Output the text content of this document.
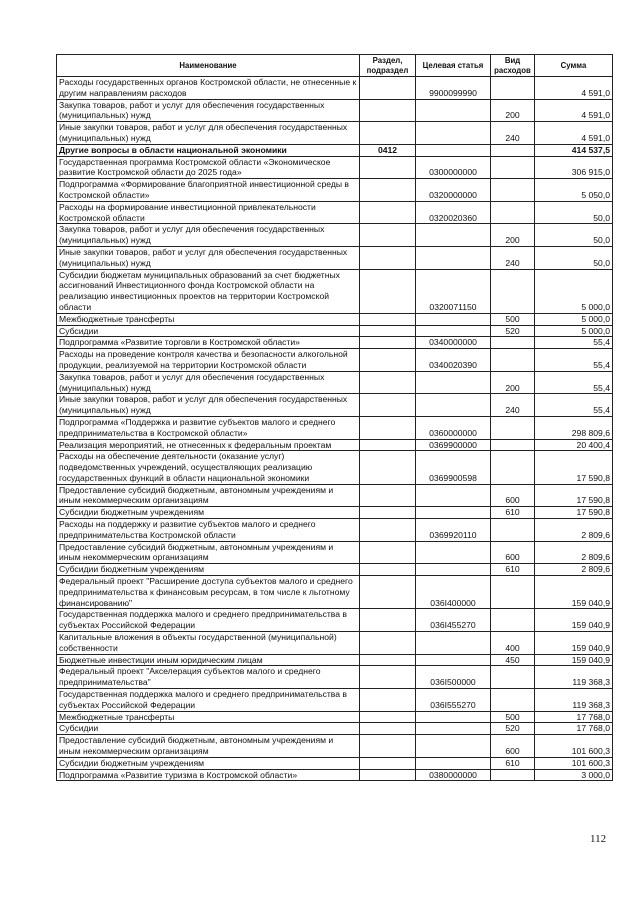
Наименование	Раздел, подраздел	Целевая статья	Вид расходов	Сумма
Расходы государственных органов Костромской области, не отнесенные к другим направлениям расходов		9900099990		4 591,0
Закупка товаров, работ и услуг для обеспечения государственных (муниципальных) нужд			200	4 591,0
Иные закупки товаров, работ и услуг для обеспечения государственных (муниципальных) нужд			240	4 591,0
Другие вопросы в области национальной экономики	0412			414 537,5
Государственная программа Костромской области «Экономическое развитие Костромской области до 2025 года»		0300000000		306 915,0
Подпрограмма «Формирование благоприятной инвестиционной среды в Костромской области»		0320000000		5 050,0
Расходы на формирование инвестиционной привлекательности Костромской области		0320020360		50,0
Закупка товаров, работ и услуг для обеспечения государственных (муниципальных) нужд			200	50,0
Иные закупки товаров, работ и услуг для обеспечения государственных (муниципальных) нужд			240	50,0
Субсидии бюджетам муниципальных образований за счет бюджетных ассигнований Инвестиционного фонда Костромской области на реализацию инвестиционных проектов на территории Костромской области		0320071150		5 000,0
Межбюджетные трансферты			500	5 000,0
Субсидии			520	5 000,0
Подпрограмма «Развитие торговли в Костромской области»		0340000000		55,4
Расходы на проведение контроля качества и безопасности алкогольной продукции, реализуемой на территории Костромской области		0340020390		55,4
Закупка товаров, работ и услуг для обеспечения государственных (муниципальных) нужд			200	55,4
Иные закупки товаров, работ и услуг для обеспечения государственных (муниципальных) нужд			240	55,4
Подпрограмма «Поддержка и развитие субъектов малого и среднего предпринимательства в Костромской области»		0360000000		298 809,6
Реализация мероприятий, не отнесенных к федеральным проектам		0369900000		20 400,4
Расходы на обеспечение деятельности (оказание услуг) подведомственных учреждений, осуществляющих реализацию государственных функций в области национальной экономики		0369900598		17 590,8
Предоставление субсидий бюджетным, автономным учреждениям и иным некоммерческим организациям			600	17 590,8
Субсидии бюджетным учреждениям			610	17 590,8
Расходы на поддержку и развитие субъектов малого и среднего предпринимательства Костромской области		0369920110		2 809,6
Предоставление субсидий бюджетным, автономным учреждениям и иным некоммерческим организациям			600	2 809,6
Субсидии бюджетным учреждениям			610	2 809,6
Федеральный проект "Расширение доступа субъектов малого и среднего предпринимательства к финансовым ресурсам, в том числе к льготному финансированию"		036I400000		159 040,9
Государственная поддержка малого и среднего предпринимательства в субъектах Российской Федерации		036I455270		159 040,9
Капитальные вложения в объекты государственной (муниципальной) собственности			400	159 040,9
Бюджетные инвестиции иным юридическим лицам			450	159 040,9
Федеральный проект "Акселерация субъектов малого и среднего предпринимательства"		036I500000		119 368,3
Государственная поддержка малого и среднего предпринимательства в субъектах Российской Федерации		036I555270		119 368,3
Межбюджетные трансферты			500	17 768,0
Субсидии			520	17 768,0
Предоставление субсидий бюджетным, автономным учреждениям и иным некоммерческим организациям			600	101 600,3
Субсидии бюджетным учреждениям			610	101 600,3
Подпрограмма «Развитие туризма в Костромской области»		0380000000		3 000,0
112
